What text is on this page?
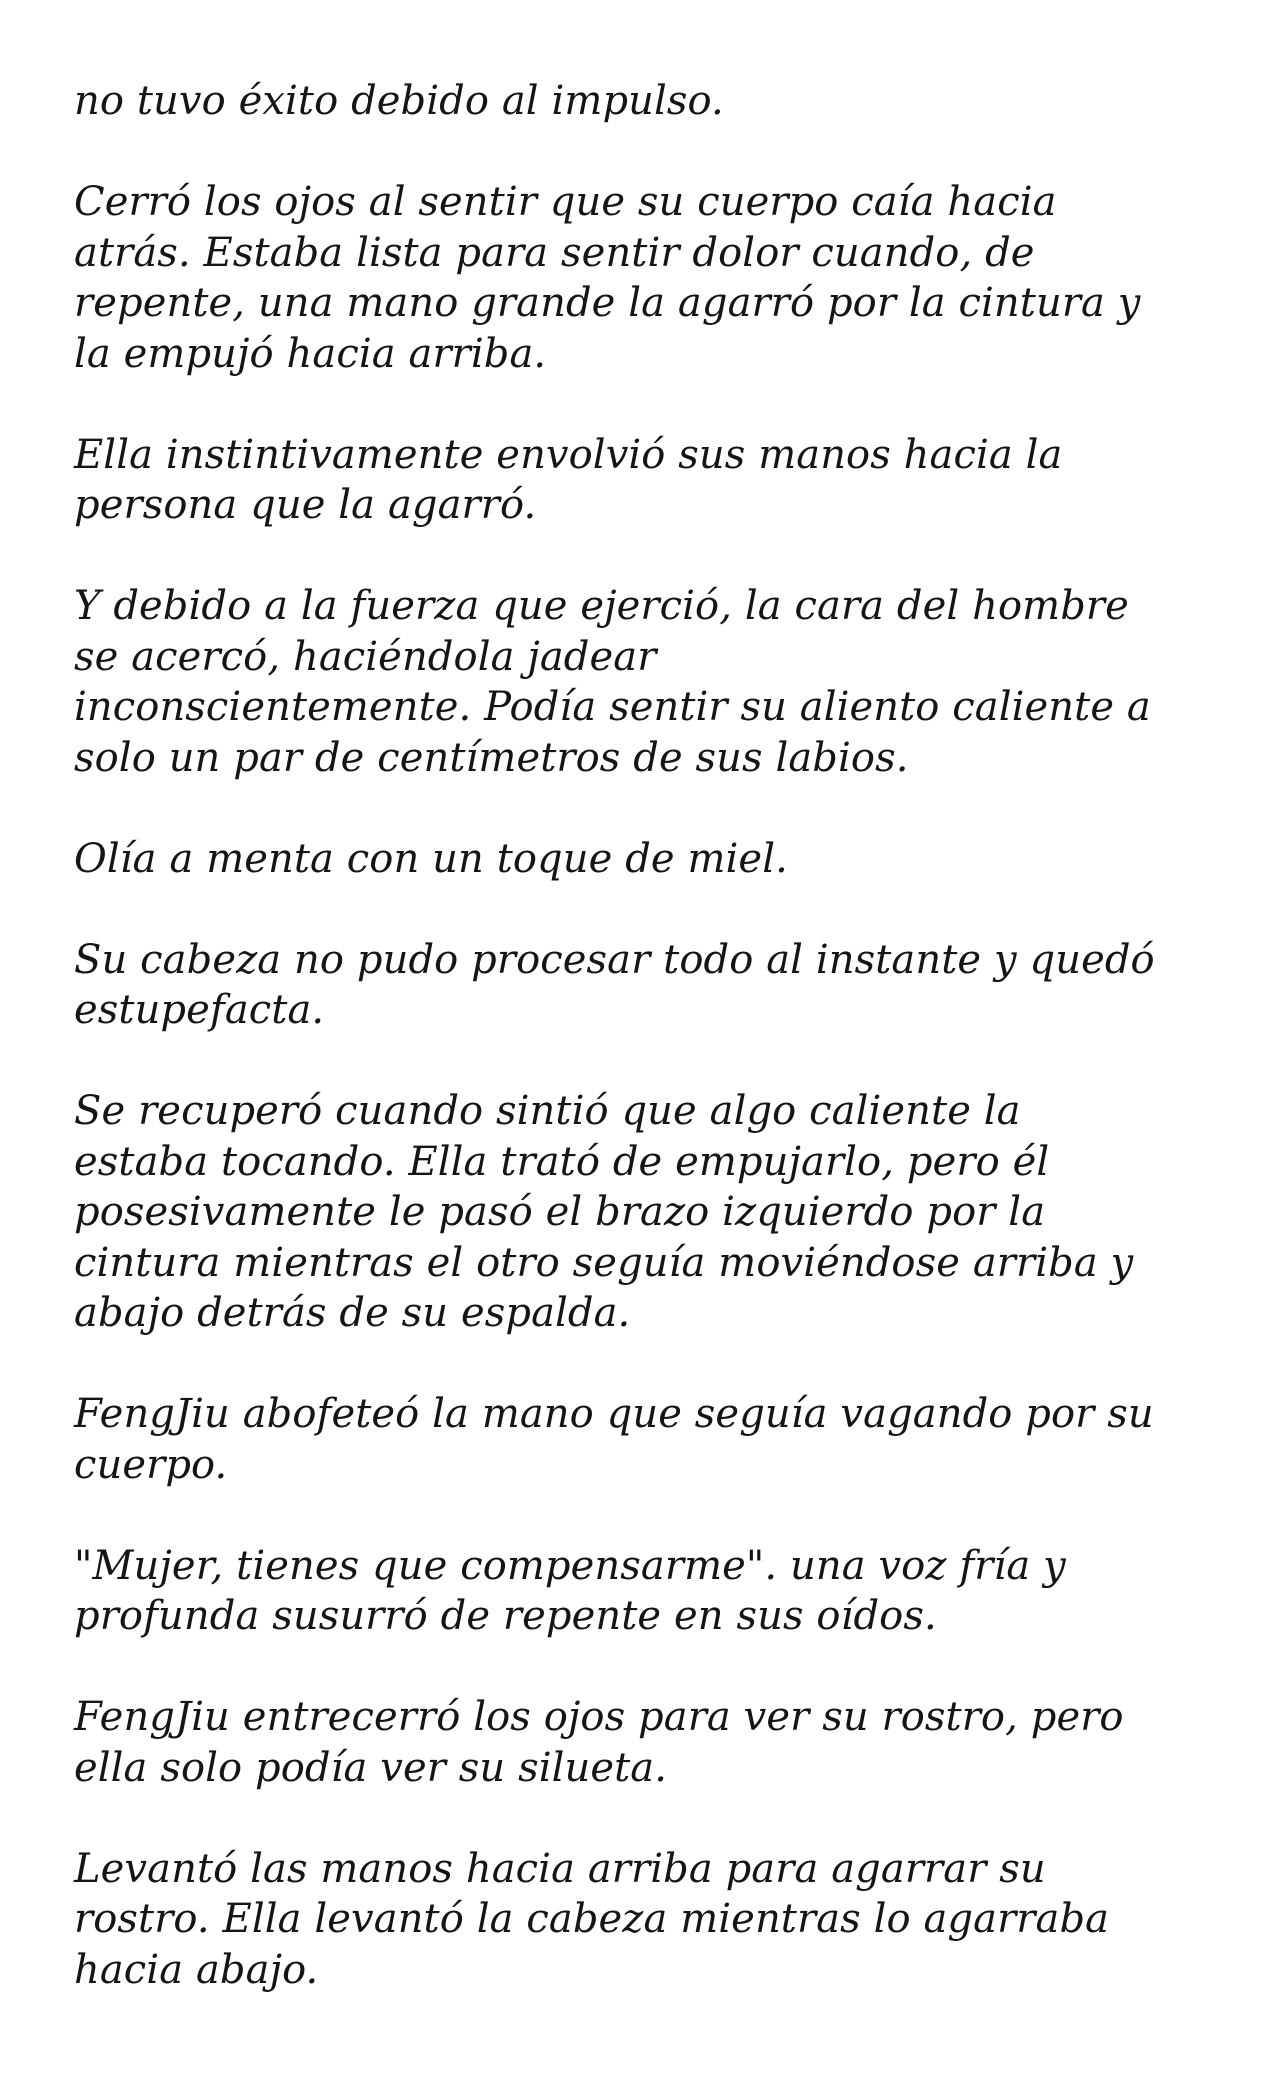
no tuvo éxito debido al impulso.

Cerró los ojos al sentir que su cuerpo caía hacia
atrás. Estaba lista para sentir dolor cuando, de
repente, una mano grande la agarró por la cintura y
la empujó hacia arriba.

Ella instintivamente envolvió sus manos hacia la
persona que la agarró.

Y debido a la fuerza que ejerció, la cara del hombre
se acercó, haciéndola jadear
inconscientemente. Podía sentir su aliento caliente a
solo un par de centímetros de sus labios.

Olía a menta con un toque de miel.

Su cabeza no pudo procesar todo al instante y quedó
estupefacta.

Se recuperó cuando sintió que algo caliente la
estaba tocando. Ella trató de empujarlo, pero él
posesivamente le pasó el brazo izquierdo por la
cintura mientras el otro seguía moviéndose arriba y
abajo detrás de su espalda.

FengJiu abofeteó la mano que seguía vagando por su
cuerpo.

"Mujer, tienes que compensarme". una voz fría y
profunda susurró de repente en sus oídos.

FengJiu entrecerró los ojos para ver su rostro, pero
ella solo podía ver su silueta.

Levantó las manos hacia arriba para agarrar su
rostro. Ella levantó la cabeza mientras lo agarraba
hacia abajo.
